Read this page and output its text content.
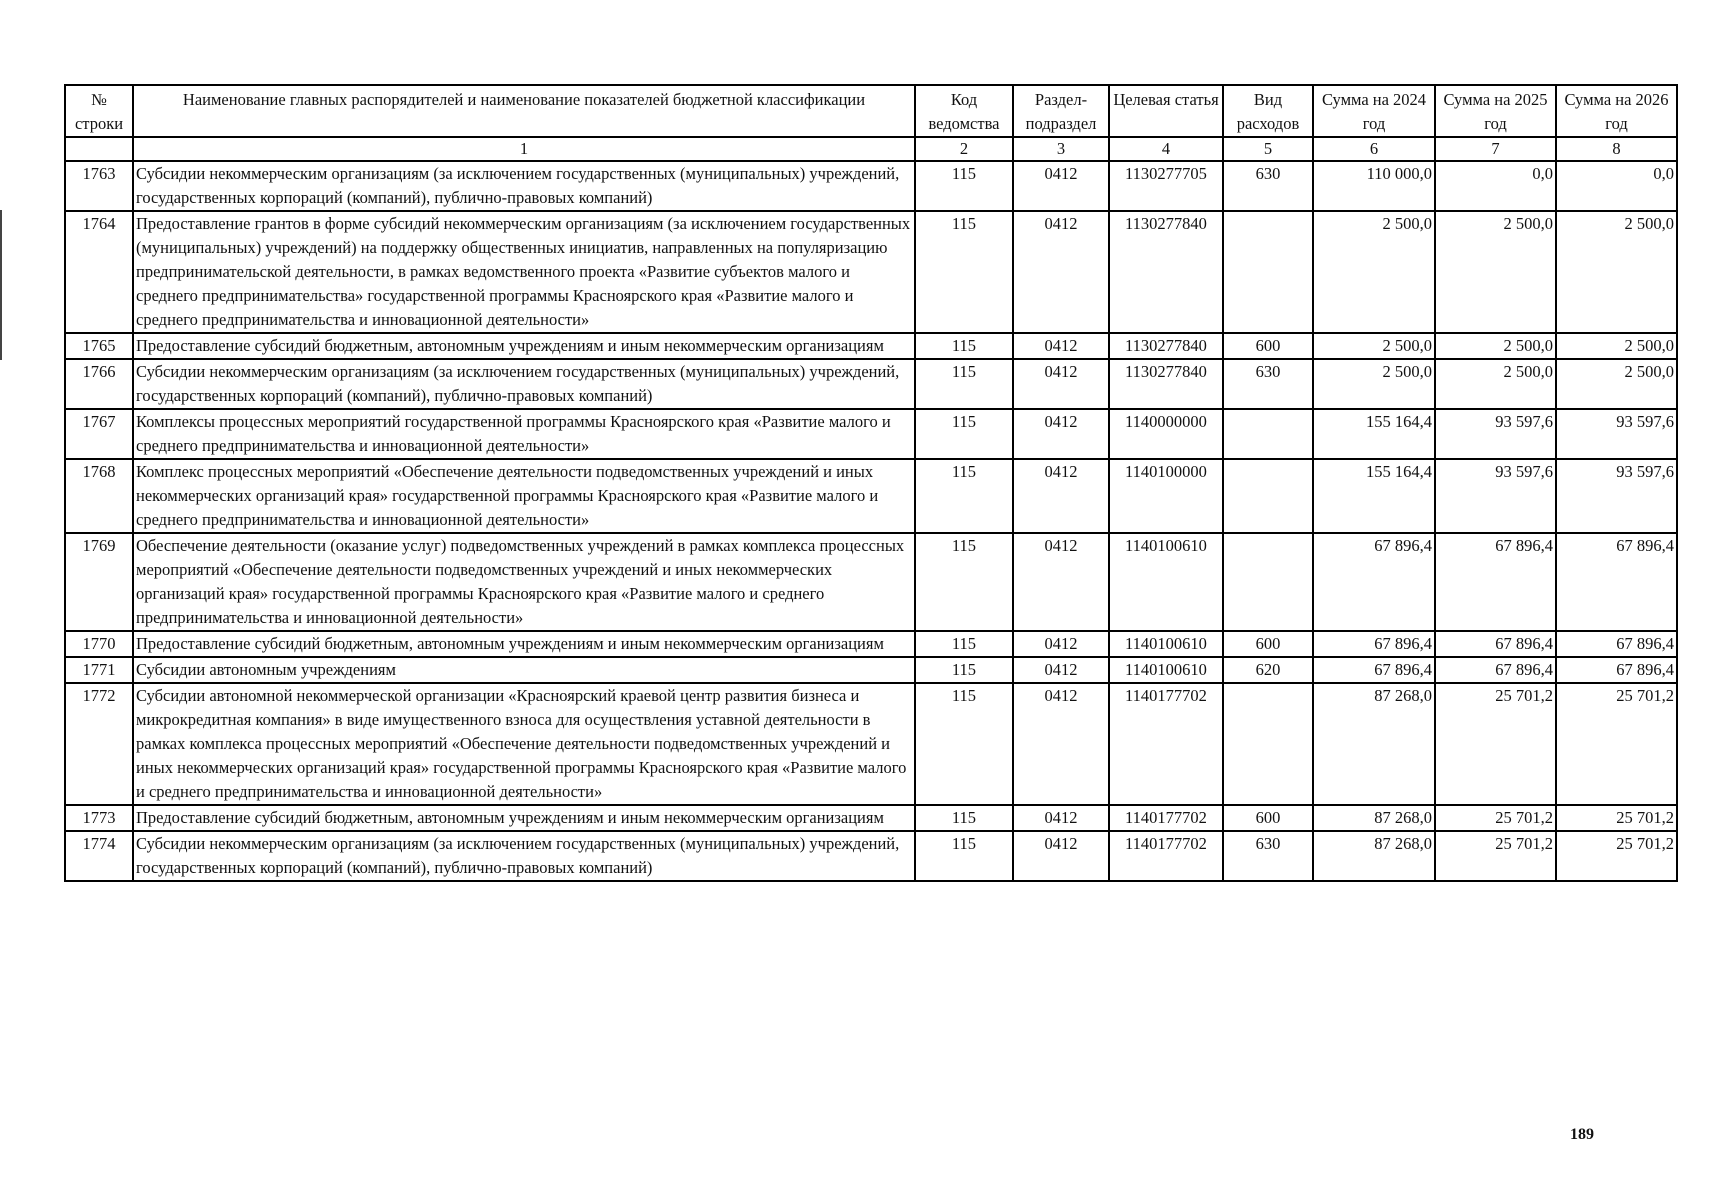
№ строки	Наименование главных распорядителей и наименование показателей бюджетной классификации	Код ведомства	Раздел-подраздел	Целевая статья	Вид расходов	Сумма на 2024 год	Сумма на 2025 год	Сумма на 2026 год
	1	2	3	4	5	6	7	8
1763	Субсидии некоммерческим организациям (за исключением государственных (муниципальных) учреждений, государственных корпораций (компаний), публично-правовых компаний)	115	0412	1130277705	630	110 000,0	0,0	0,0
1764	Предоставление грантов в форме субсидий некоммерческим организациям (за исключением государственных (муниципальных) учреждений) на поддержку общественных инициатив, направленных на популяризацию предпринимательской деятельности, в рамках ведомственного проекта «Развитие субъектов малого и среднего предпринимательства» государственной программы Красноярского края «Развитие малого и среднего предпринимательства и инновационной деятельности»	115	0412	1130277840		2 500,0	2 500,0	2 500,0
1765	Предоставление субсидий бюджетным, автономным учреждениям и иным некоммерческим организациям	115	0412	1130277840	600	2 500,0	2 500,0	2 500,0
1766	Субсидии некоммерческим организациям (за исключением государственных (муниципальных) учреждений, государственных корпораций (компаний), публично-правовых компаний)	115	0412	1130277840	630	2 500,0	2 500,0	2 500,0
1767	Комплексы процессных мероприятий государственной программы Красноярского края «Развитие малого и среднего предпринимательства и инновационной деятельности»	115	0412	1140000000		155 164,4	93 597,6	93 597,6
1768	Комплекс процессных мероприятий «Обеспечение деятельности подведомственных учреждений и иных некоммерческих организаций края» государственной программы Красноярского края «Развитие малого и среднего предпринимательства и инновационной деятельности»	115	0412	1140100000		155 164,4	93 597,6	93 597,6
1769	Обеспечение деятельности (оказание услуг) подведомственных учреждений в рамках комплекса процессных мероприятий «Обеспечение деятельности подведомственных учреждений и иных некоммерческих организаций края» государственной программы Красноярского края «Развитие малого и среднего предпринимательства и инновационной деятельности»	115	0412	1140100610		67 896,4	67 896,4	67 896,4
1770	Предоставление субсидий бюджетным, автономным учреждениям и иным некоммерческим организациям	115	0412	1140100610	600	67 896,4	67 896,4	67 896,4
1771	Субсидии автономным учреждениям	115	0412	1140100610	620	67 896,4	67 896,4	67 896,4
1772	Субсидии автономной некоммерческой организации «Красноярский краевой центр развития бизнеса и микрокредитная компания» в виде имущественного взноса для осуществления уставной деятельности в рамках комплекса процессных мероприятий «Обеспечение деятельности подведомственных учреждений и иных некоммерческих организаций края» государственной программы Красноярского края «Развитие малого и среднего предпринимательства и инновационной деятельности»	115	0412	1140177702		87 268,0	25 701,2	25 701,2
1773	Предоставление субсидий бюджетным, автономным учреждениям и иным некоммерческим организациям	115	0412	1140177702	600	87 268,0	25 701,2	25 701,2
1774	Субсидии некоммерческим организациям (за исключением государственных (муниципальных) учреждений, государственных корпораций (компаний), публично-правовых компаний)	115	0412	1140177702	630	87 268,0	25 701,2	25 701,2
189
